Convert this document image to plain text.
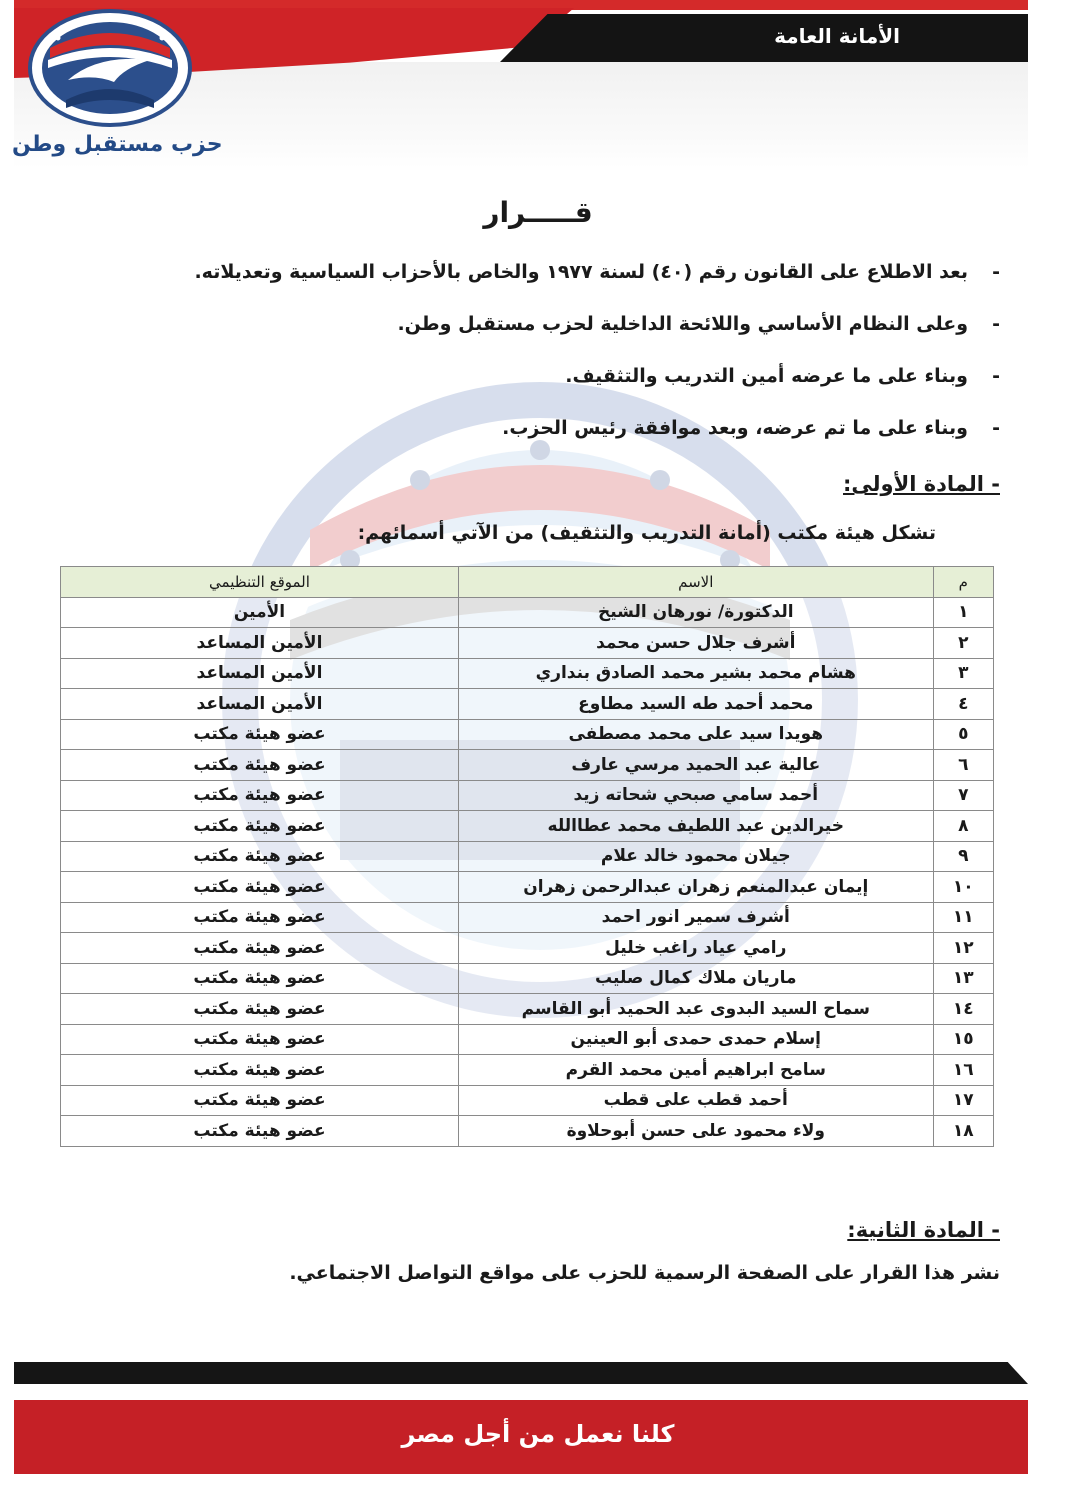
الأمانة العامة
حزب مستقبل وطن
قـــــرار
-بعد الاطلاع على القانون رقم (٤٠) لسنة ١٩٧٧ والخاص بالأحزاب السياسية وتعديلاته.
-وعلى النظام الأساسي واللائحة الداخلية لحزب مستقبل وطن.
-وبناء على ما عرضه أمين التدريب والتثقيف.
-وبناء على ما تم عرضه، وبعد موافقة رئيس الحزب.
- المادة الأولى:
تشكل هيئة مكتب (أمانة التدريب والتثقيف) من الآتي أسمائهم:
م	الاسم	الموقع التنظيمي
١	الدكتورة/ نورهان الشيخ	الأمين
٢	أشرف جلال حسن محمد	الأمين المساعد
٣	هشام محمد بشير محمد الصادق بنداري	الأمين المساعد
٤	محمد أحمد طه السيد مطاوع	الأمين المساعد
٥	هويدا سيد على محمد مصطفى	عضو هيئة مكتب
٦	عالية عبد الحميد مرسي عارف	عضو هيئة مكتب
٧	أحمد سامي صبحي شحاته زيد	عضو هيئة مكتب
٨	خيرالدين عبد اللطيف محمد عطاالله	عضو هيئة مكتب
٩	جيلان محمود خالد علام	عضو هيئة مكتب
١٠	إيمان عبدالمنعم زهران عبدالرحمن زهران	عضو هيئة مكتب
١١	أشرف سمير انور احمد	عضو هيئة مكتب
١٢	رامي عياد راغب خليل	عضو هيئة مكتب
١٣	ماريان ملاك كمال صليب	عضو هيئة مكتب
١٤	سماح السيد البدوى عبد الحميد أبو القاسم	عضو هيئة مكتب
١٥	إسلام حمدى حمدى أبو العينين	عضو هيئة مكتب
١٦	سامح ابراهيم أمين محمد القرم	عضو هيئة مكتب
١٧	أحمد قطب على قطب	عضو هيئة مكتب
١٨	ولاء محمود على حسن أبوحلاوة	عضو هيئة مكتب
- المادة الثانية:
نشر هذا القرار على الصفحة الرسمية للحزب على مواقع التواصل الاجتماعي.
كلنا نعمل من أجل مصر
